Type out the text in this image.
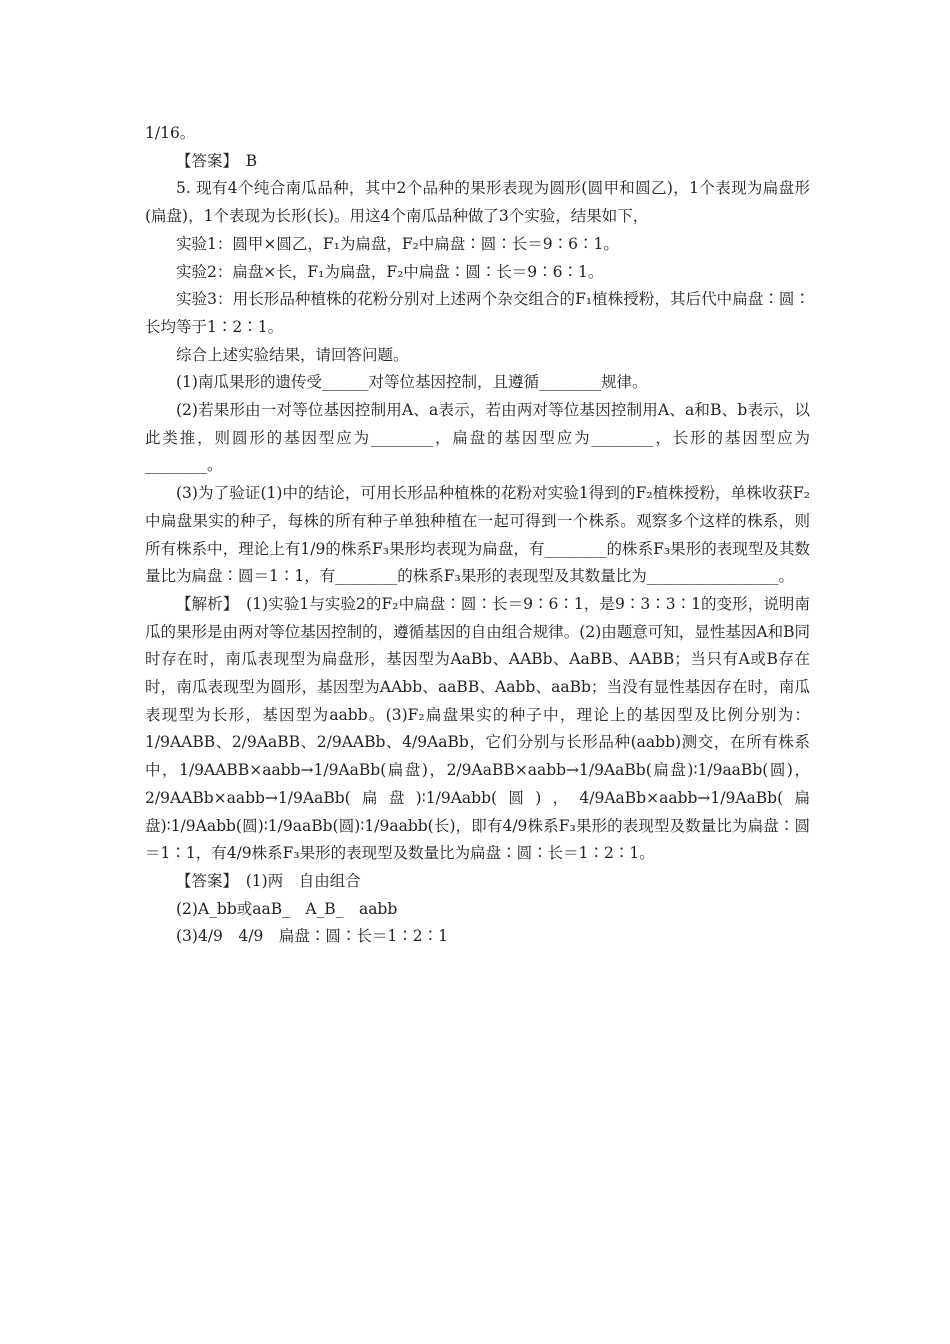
1/16。

【答案】　B

5. 现有4个纯合南瓜品种，其中2个品种的果形表现为圆形(圆甲和圆乙)，1个表现为扁盘形(扁盘)，1个表现为长形(长)。用这4个南瓜品种做了3个实验，结果如下，

实验1：圆甲×圆乙，F₁为扁盘，F₂中扁盘∶圆∶长＝9∶6∶1。

实验2：扁盘×长，F₁为扁盘，F₂中扁盘∶圆∶长＝9∶6∶1。

实验3：用长形品种植株的花粉分别对上述两个杂交组合的F₁植株授粉，其后代中扁盘∶圆∶长均等于1∶2∶1。

综合上述实验结果，请回答问题。

(1)南瓜果形的遗传受______对等位基因控制，且遵循________规律。

(2)若果形由一对等位基因控制用A、a表示，若由两对等位基因控制用A、a和B、b表示，以此类推，则圆形的基因型应为________，扁盘的基因型应为________，长形的基因型应为________。

(3)为了验证(1)中的结论，可用长形品种植株的花粉对实验1得到的F₂植株授粉，单株收获F₂中扁盘果实的种子，每株的所有种子单独种植在一起可得到一个株系。观察多个这样的株系，则所有株系中，理论上有1/9的株系F₃果形均表现为扁盘，有________的株系F₃果形的表现型及其数量比为扁盘∶圆＝1∶1，有________的株系F₃果形的表现型及其数量比为_________________。

【解析】　(1)实验1与实验2的F₂中扁盘∶圆∶长＝9∶6∶1，是9∶3∶3∶1的变形，说明南瓜的果形是由两对等位基因控制的，遵循基因的自由组合规律。(2)由题意可知，显性基因A和B同时存在时，南瓜表现型为扁盘形，基因型为AaBb、AABb、AaBB、AABB；当只有A或B存在时，南瓜表现型为圆形，基因型为AAbb、aaBB、Aabb、aaBb；当没有显性基因存在时，南瓜表现型为长形，基因型为aabb。(3)F₂扁盘果实的种子中，理论上的基因型及比例分别为：1/9AABB、2/9AaBB、2/9AABb、4/9AaBb，它们分别与长形品种(aabb)测交，在所有株系中，1/9AABB×aabb→1/9AaBb(扁盘)，2/9AaBB×aabb→1/9AaBb(扁盘)∶1/9aaBb(圆)，2/9AABb×aabb→1/9AaBb(扁盘)∶1/9Aabb(圆)，4/9AaBb×aabb→1/9AaBb(扁盘)∶1/9Aabb(圆)∶1/9aaBb(圆)∶1/9aabb(长)，即有4/9株系F₃果形的表现型及数量比为扁盘∶圆＝1∶1，有4/9株系F₃果形的表现型及数量比为扁盘∶圆∶长＝1∶2∶1。

【答案】　(1)两　自由组合

(2)A_bb或aaB_　A_B_　aabb

(3)4/9　4/9　扁盘∶圆∶长＝1∶2∶1
